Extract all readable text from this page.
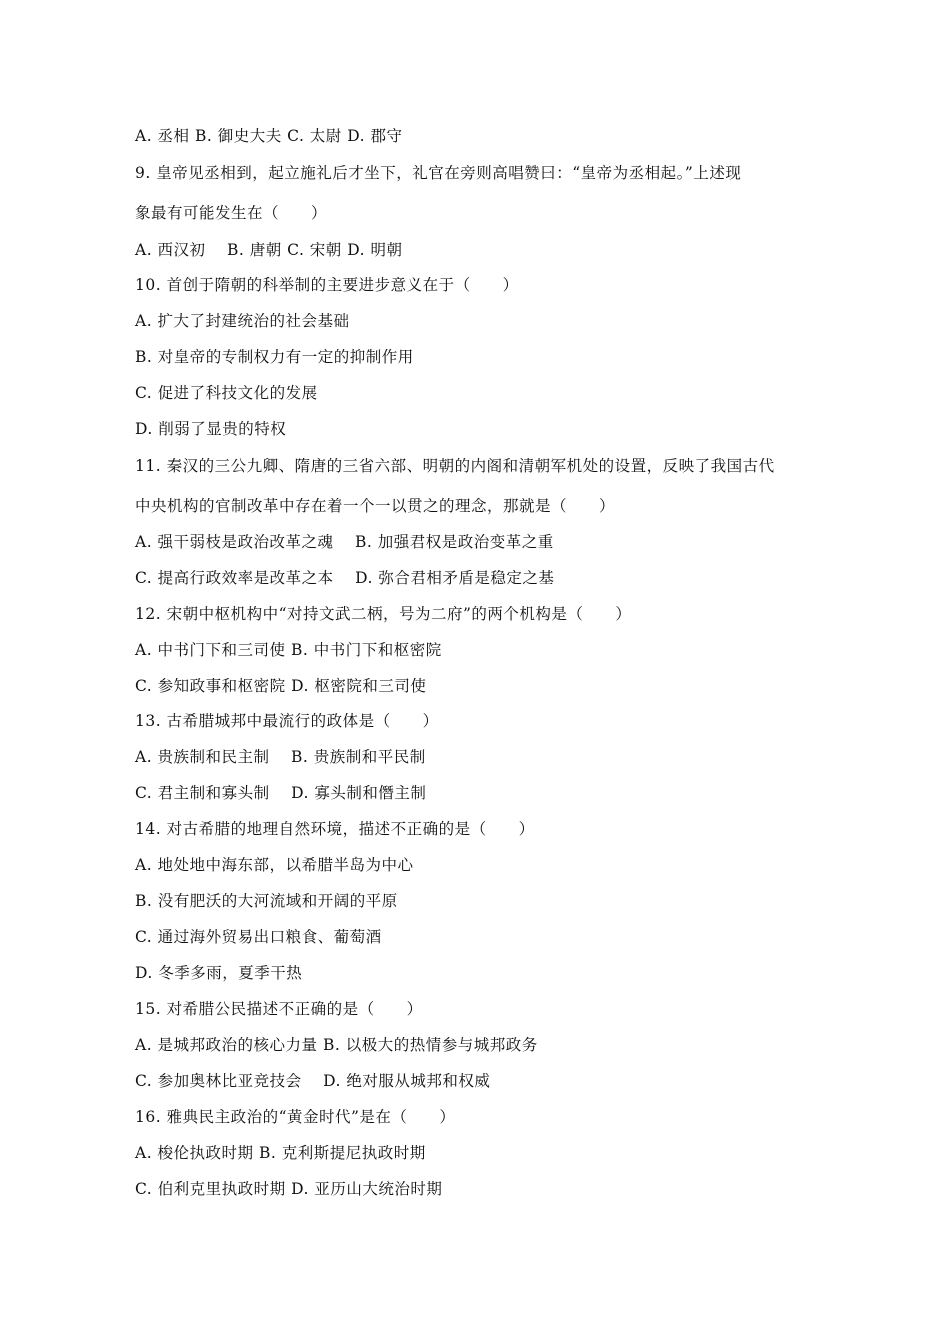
A. 丞相 B. 御史大夫 C. 太尉 D. 郡守
9. 皇帝见丞相到，起立施礼后才坐下，礼官在旁则高唱赞曰：“皇帝为丞相起。”上述现
象最有可能发生在（　　）
A. 西汉初　 B. 唐朝 C. 宋朝 D. 明朝
10. 首创于隋朝的科举制的主要进步意义在于（　　）
A. 扩大了封建统治的社会基础
B. 对皇帝的专制权力有一定的抑制作用
C. 促进了科技文化的发展
D. 削弱了显贵的特权
11. 秦汉的三公九卿、隋唐的三省六部、明朝的内阁和清朝军机处的设置，反映了我国古代
中央机构的官制改革中存在着一个一以贯之的理念，那就是（　　）
A. 强干弱枝是政治改革之魂　 B. 加强君权是政治变革之重
C. 提高行政效率是改革之本　 D. 弥合君相矛盾是稳定之基
12. 宋朝中枢机构中“对持文武二柄，号为二府”的两个机构是（　　）
A. 中书门下和三司使 B. 中书门下和枢密院
C. 参知政事和枢密院 D. 枢密院和三司使
13. 古希腊城邦中最流行的政体是（　　）
A. 贵族制和民主制　 B. 贵族制和平民制
C. 君主制和寡头制　 D. 寡头制和僭主制
14. 对古希腊的地理自然环境，描述不正确的是（　　）
A. 地处地中海东部，以希腊半岛为中心
B. 没有肥沃的大河流域和开阔的平原
C. 通过海外贸易出口粮食、葡萄酒
D. 冬季多雨，夏季干热
15. 对希腊公民描述不正确的是（　　）
A. 是城邦政治的核心力量 B. 以极大的热情参与城邦政务
C. 参加奥林比亚竞技会　 D. 绝对服从城邦和权威
16. 雅典民主政治的“黄金时代”是在（　　）
A. 梭伦执政时期 B. 克利斯提尼执政时期
C. 伯利克里执政时期 D. 亚历山大统治时期
